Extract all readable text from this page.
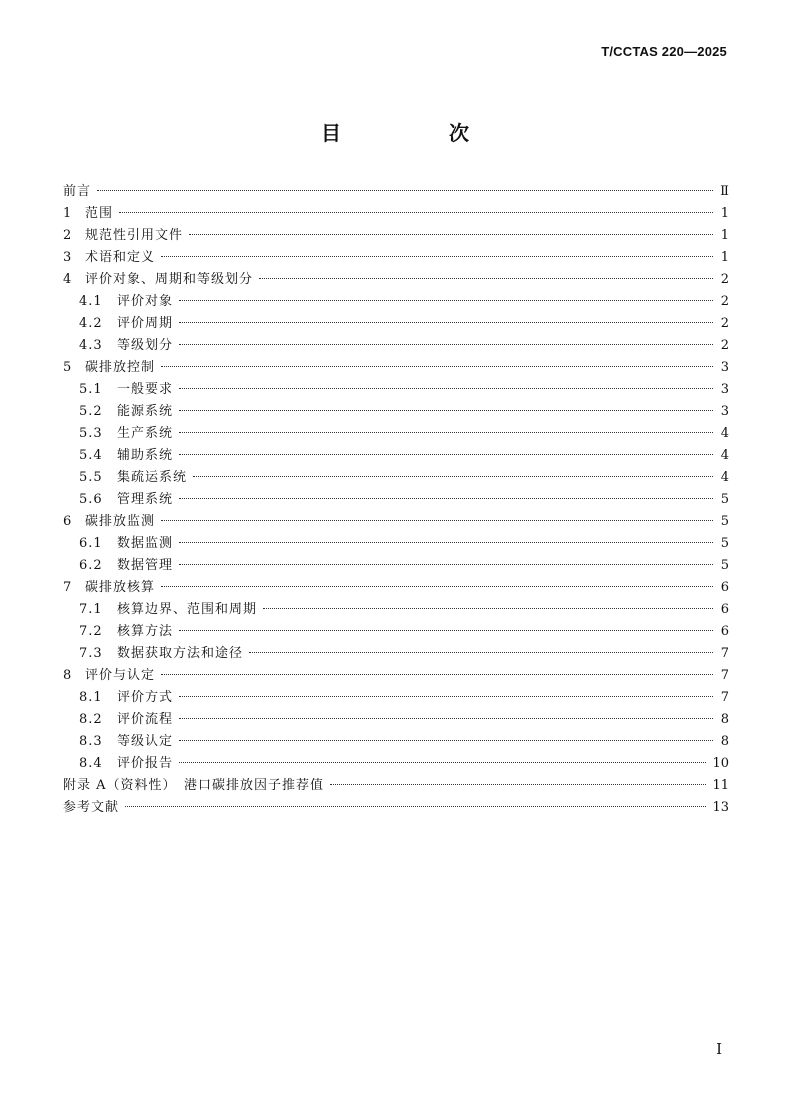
T/CCTAS 220—2025
目　次
前言	Ⅱ
1	范围	1
2	规范性引用文件	1
3	术语和定义	1
4	评价对象、周期和等级划分	2
4.1	评价对象	2
4.2	评价周期	2
4.3	等级划分	2
5	碳排放控制	3
5.1	一般要求	3
5.2	能源系统	3
5.3	生产系统	4
5.4	辅助系统	4
5.5	集疏运系统	4
5.6	管理系统	5
6	碳排放监测	5
6.1	数据监测	5
6.2	数据管理	5
7	碳排放核算	6
7.1	核算边界、范围和周期	6
7.2	核算方法	6
7.3	数据获取方法和途径	7
8	评价与认定	7
8.1	评价方式	7
8.2	评价流程	8
8.3	等级认定	8
8.4	评价报告	10
附录 A（资料性）　港口碳排放因子推荐值	11
参考文献	13
I
